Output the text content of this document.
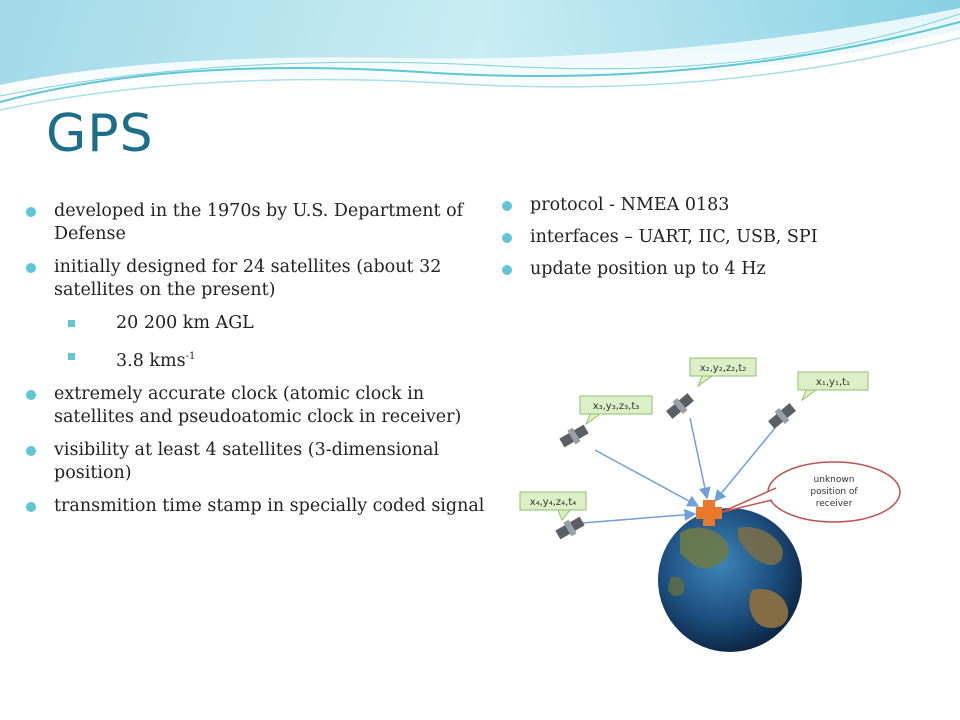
GPS
developed in the 1970s by U.S. Department of Defense
initially designed for 24 satellites (about 32 satellites on the present)
20 200 km AGL
3.8 kms$^{-1}$
extremely accurate clock (atomic clock in satellites and pseudoatomic clock in receiver)
visibility at least 4 satellites (3-dimensional position)
transmition time stamp in specially coded signal
protocol - NMEA 0183
interfaces – UART, IIC, USB, SPI
update position up to 4 Hz
x₂,y₂,z₂,t₂
x₁,y₁,t₁
x₃,y₃,z₃,t₃
x₄,y₄,z₄,t₄
unknown
position of
receiver
